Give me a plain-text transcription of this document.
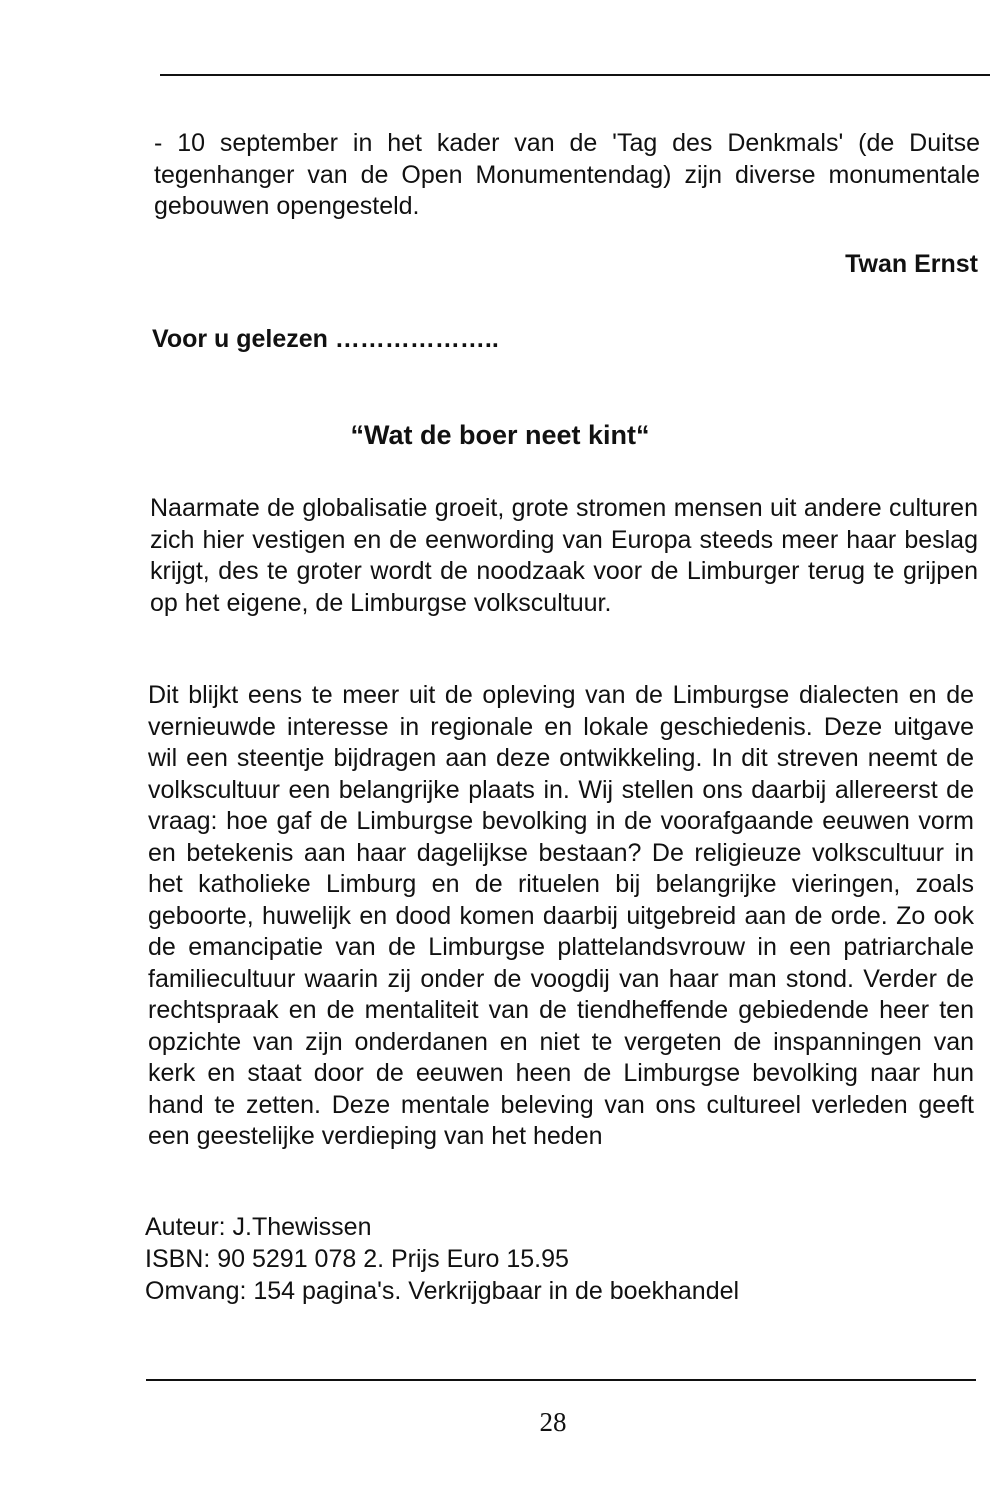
- 10 september in het kader van de 'Tag des Denkmals' (de Duitse tegenhanger van de Open Monumentendag) zijn diverse monumentale gebouwen opengesteld.

Twan Ernst

Voor u gelezen ………………..
“Wat de boer neet kint“

Naarmate de globalisatie groeit, grote stromen mensen uit andere culturen zich hier vestigen en de eenwording van Europa steeds meer haar beslag krijgt, des te groter wordt de noodzaak voor de Limburger terug te grijpen op het eigene, de Limburgse volkscultuur.

Dit blijkt eens te meer uit de opleving van de Limburgse dialecten en de vernieuwde interesse in regionale en lokale geschiedenis. Deze uitgave wil een steentje bijdragen aan deze ontwikkeling. In dit streven neemt de volkscultuur een belangrijke plaats in. Wij stellen ons daarbij allereerst de vraag: hoe gaf de Limburgse bevolking in de voorafgaande eeuwen vorm en betekenis aan haar dagelijkse bestaan? De religieuze volkscultuur in het katholieke Limburg en de rituelen bij belangrijke vieringen, zoals geboorte, huwelijk en dood komen daarbij uitgebreid aan de orde. Zo ook de emancipatie van de Limburgse plattelandsvrouw in een patriarchale familiecultuur waarin zij onder de voogdij van haar man stond. Verder de rechtspraak en de mentaliteit van de tiendheffende gebiedende heer ten opzichte van zijn onderdanen en niet te vergeten de inspanningen van kerk en staat door de eeuwen heen de Limburgse bevolking naar hun hand te zetten. Deze mentale beleving van ons cultureel verleden geeft een geestelijke verdieping van het heden

Auteur: J.Thewissen
ISBN: 90 5291 078 2. Prijs Euro 15.95
Omvang: 154 pagina's. Verkrijgbaar in de boekhandel

28
